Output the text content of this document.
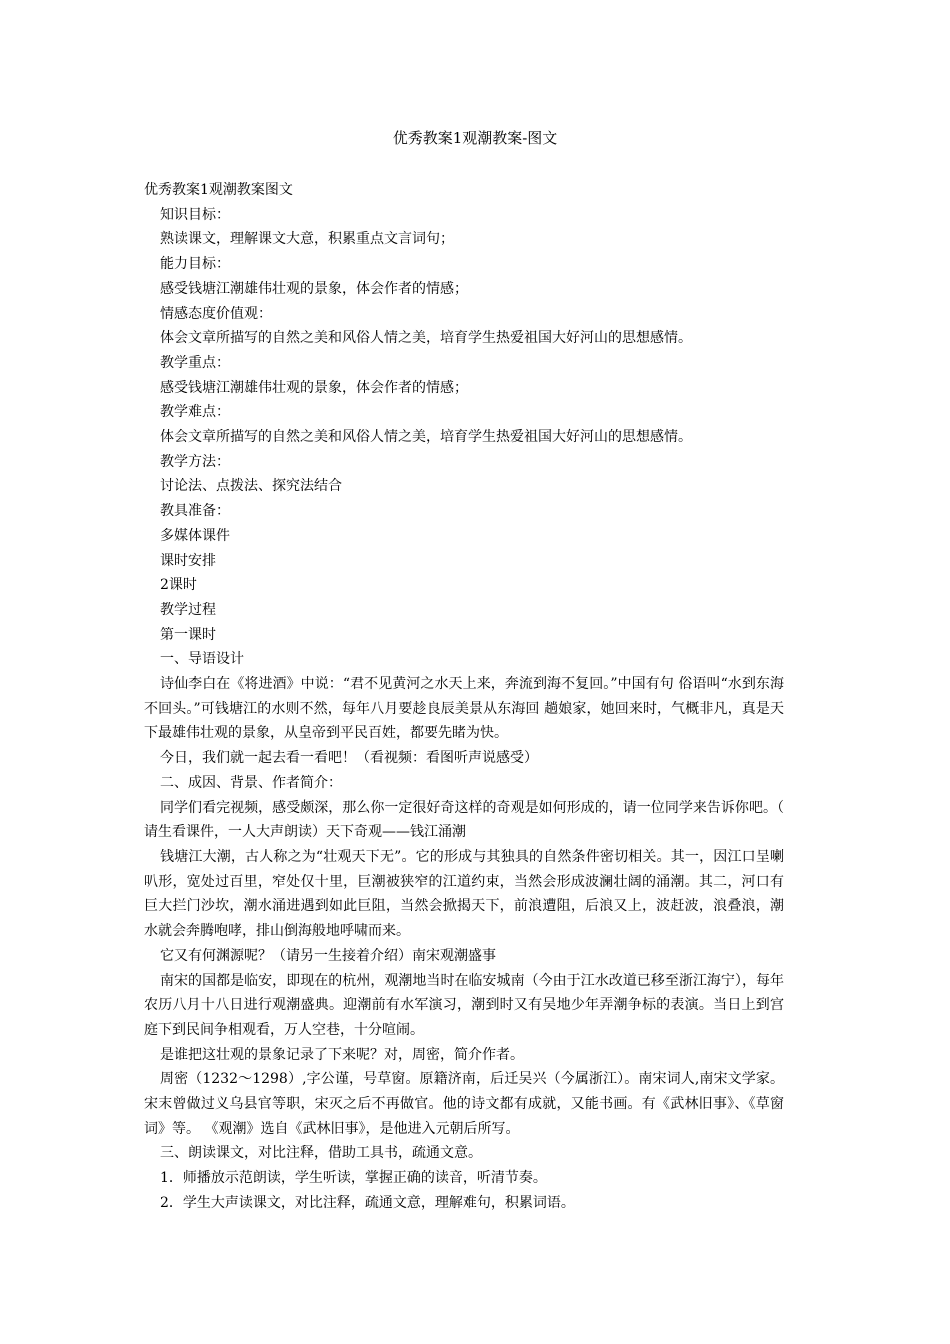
优秀教案1观潮教案-图文
优秀教案1观潮教案图文
知识目标：
熟读课文，理解课文大意，积累重点文言词句；
能力目标：
感受钱塘江潮雄伟壮观的景象，体会作者的情感；
情感态度价值观：
体会文章所描写的自然之美和风俗人情之美，培育学生热爱祖国大好河山的思想感情。
教学重点：
感受钱塘江潮雄伟壮观的景象，体会作者的情感；
教学难点：
体会文章所描写的自然之美和风俗人情之美，培育学生热爱祖国大好河山的思想感情。
教学方法：
讨论法、点拨法、探究法结合
教具准备：
多媒体课件
课时安排
2课时
教学过程
第一课时
一、导语设计
诗仙李白在《将进酒》中说：“君不见黄河之水天上来，奔流到海不复回。”中国有句 俗语叫“水到东海不回头。”可钱塘江的水则不然，每年八月要趁良辰美景从东海回 趟娘家，她回来时，气概非凡，真是天下最雄伟壮观的景象，从皇帝到平民百姓，都要先睹为快。
今日，我们就一起去看一看吧！（看视频：看图听声说感受）
二、成因、背景、作者简介：
同学们看完视频，感受颇深，那么你一定很好奇这样的奇观是如何形成的，请一位同学来告诉你吧。（请生看课件，一人大声朗读）天下奇观——钱江涌潮
钱塘江大潮，古人称之为“壮观天下无”。它的形成与其独具的自然条件密切相关。其一，因江口呈喇叭形，宽处过百里，窄处仅十里，巨潮被狭窄的江道约束，当然会形成波澜壮阔的涌潮。其二，河口有巨大拦门沙坎，潮水涌进遇到如此巨阻，当然会掀揭天下，前浪遭阻，后浪又上，波赶波，浪叠浪，潮水就会奔腾咆哮，排山倒海般地呼啸而来。
它又有何渊源呢？（请另一生接着介绍）南宋观潮盛事
南宋的国都是临安，即现在的杭州，观潮地当时在临安城南（今由于江水改道已移至浙江海宁），每年农历八月十八日进行观潮盛典。迎潮前有水军演习，潮到时又有吴地少年弄潮争标的表演。当日上到宫庭下到民间争相观看，万人空巷，十分喧闹。
是谁把这壮观的景象记录了下来呢？对，周密，简介作者。
周密（1232～1298）,字公谨，号草窗。原籍济南，后迁吴兴（今属浙江）。南宋词人,南宋文学家。宋末曾做过义乌县官等职，宋灭之后不再做官。他的诗文都有成就，又能书画。有《武林旧事》、《草窗词》等。 《观潮》选自《武林旧事》，是他进入元朝后所写。
三、朗读课文，对比注释，借助工具书，疏通文意。
1．师播放示范朗读，学生听读，掌握正确的读音，听清节奏。
2．学生大声读课文，对比注释，疏通文意，理解难句，积累词语。
